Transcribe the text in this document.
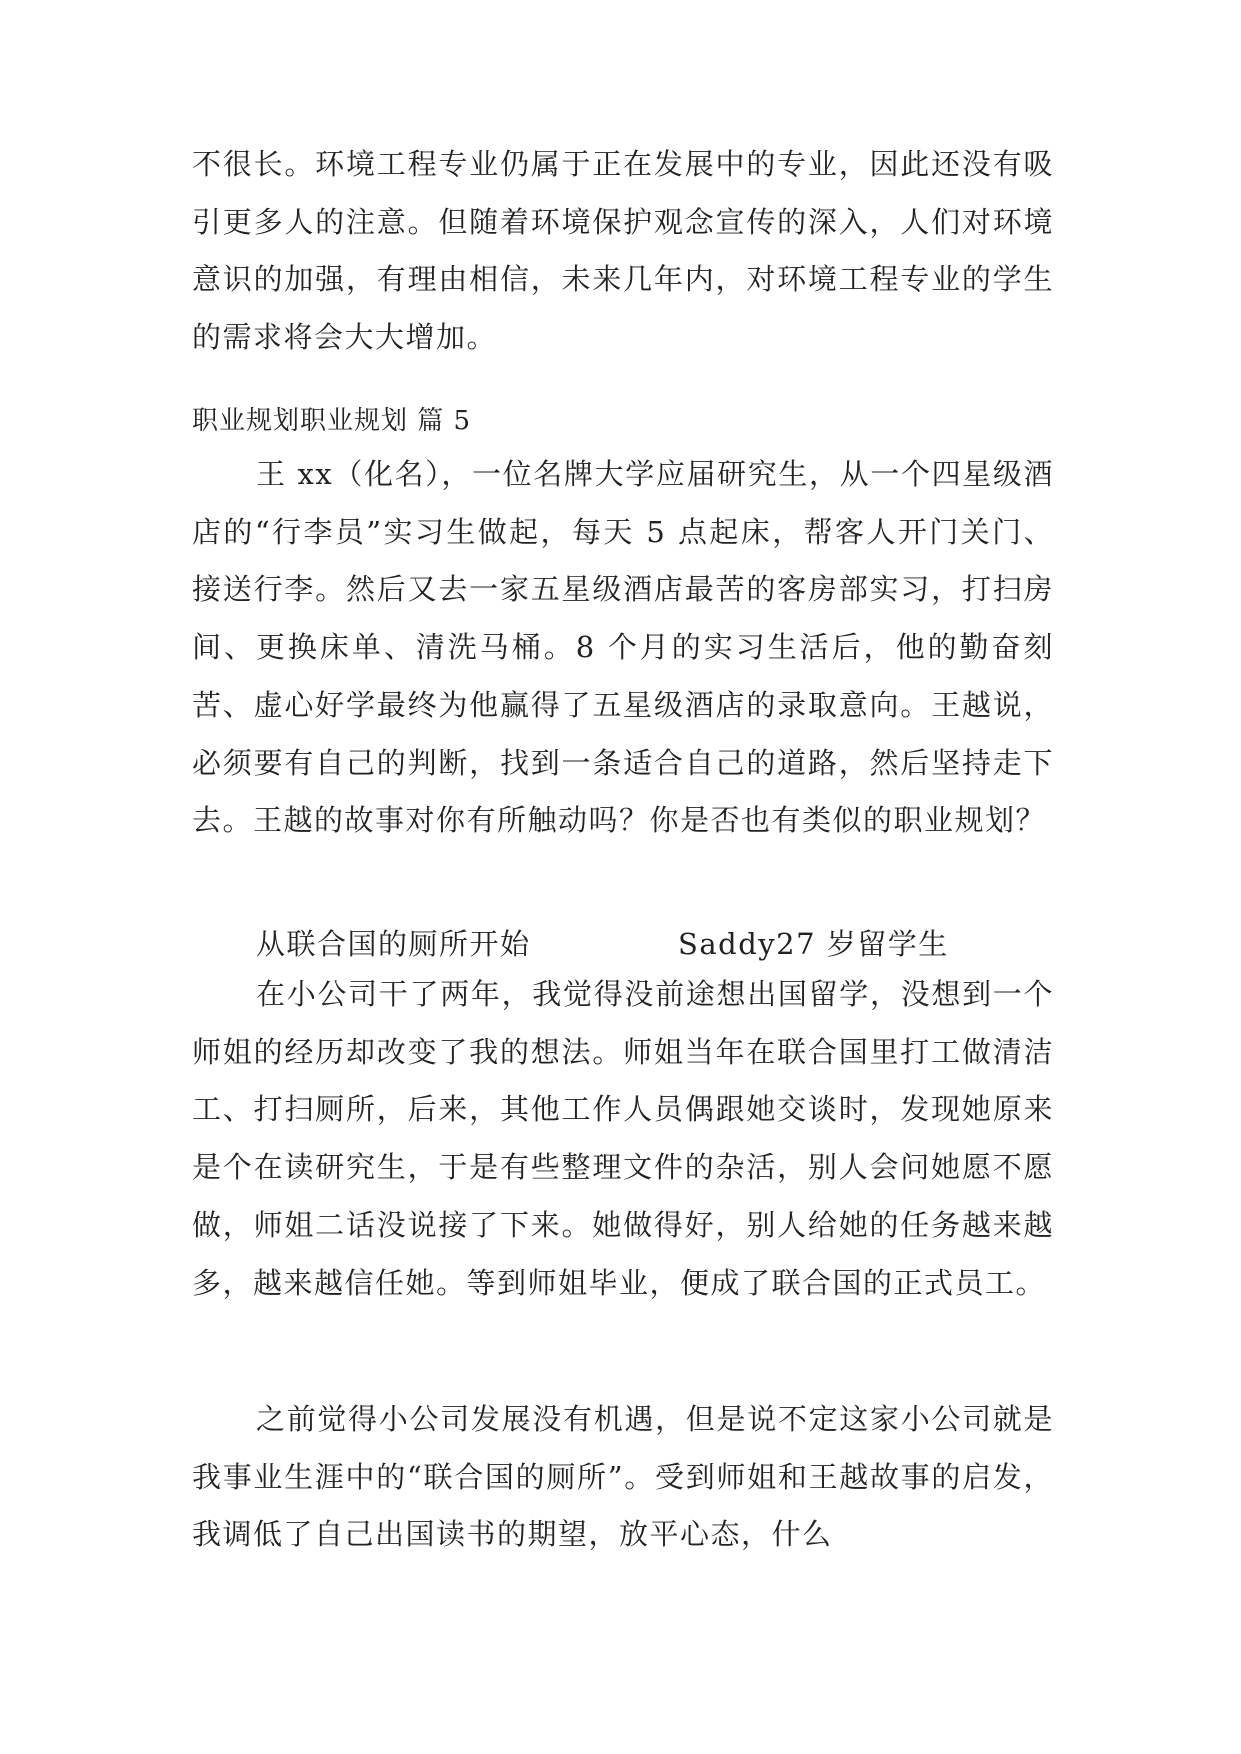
不很长。环境工程专业仍属于正在发展中的专业，因此还没有吸引更多人的注意。但随着环境保护观念宣传的深入，人们对环境意识的加强，有理由相信，未来几年内，对环境工程专业的学生的需求将会大大增加。
职业规划职业规划 篇 5
王 xx（化名），一位名牌大学应届研究生，从一个四星级酒店的“行李员”实习生做起，每天 5 点起床，帮客人开门关门、接送行李。然后又去一家五星级酒店最苦的客房部实习，打扫房间、更换床单、清洗马桶。8 个月的实习生活后，他的勤奋刻苦、虚心好学最终为他赢得了五星级酒店的录取意向。王越说，必须要有自己的判断，找到一条适合自己的道路，然后坚持走下去。王越的故事对你有所触动吗？你是否也有类似的职业规划？
从联合国的厕所开始	Saddy27 岁留学生
在小公司干了两年，我觉得没前途想出国留学，没想到一个师姐的经历却改变了我的想法。师姐当年在联合国里打工做清洁工、打扫厕所，后来，其他工作人员偶跟她交谈时，发现她原来是个在读研究生，于是有些整理文件的杂活，别人会问她愿不愿做，师姐二话没说接了下来。她做得好，别人给她的任务越来越多，越来越信任她。等到师姐毕业，便成了联合国的正式员工。
之前觉得小公司发展没有机遇，但是说不定这家小公司就是我事业生涯中的“联合国的厕所”。受到师姐和王越故事的启发，我调低了自己出国读书的期望，放平心态，什么
